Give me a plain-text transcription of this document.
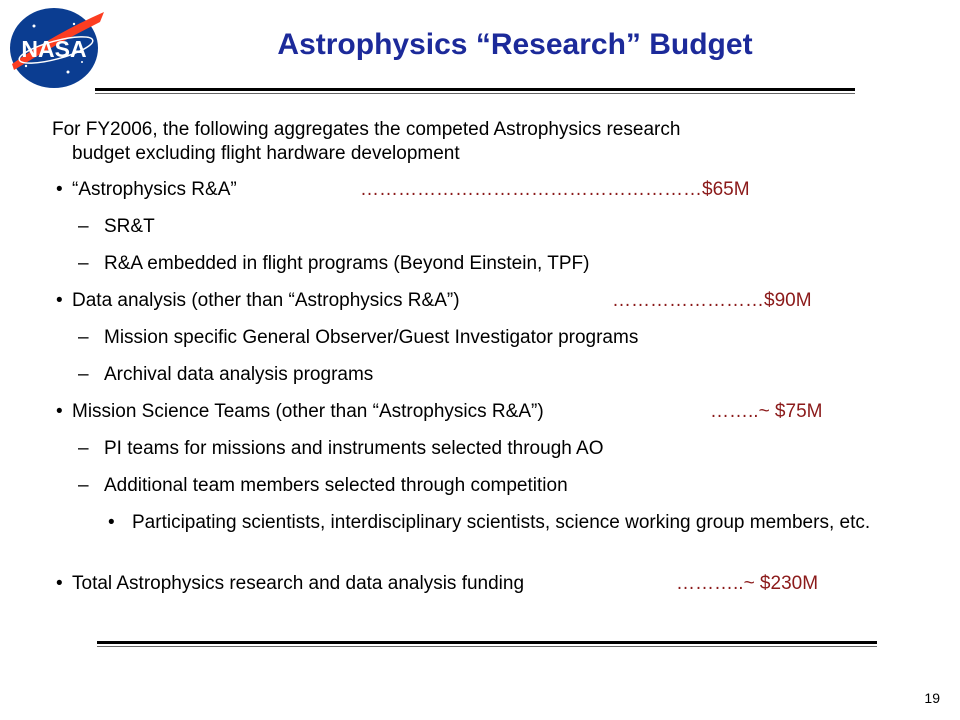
NASA	Astrophysics “Research” Budget
For FY2006, the following aggregates the competed Astrophysics research
budget excluding flight hardware development
• “Astrophysics R&A”	………………………………………………$65M
– SR&T
– R&A embedded in flight programs (Beyond Einstein, TPF)
• Data analysis (other than “Astrophysics R&A”)	……………………$90M
– Mission specific General Observer/Guest Investigator programs
– Archival data analysis programs
• Mission Science Teams (other than “Astrophysics R&A”)	……..~ $75M
– PI teams for missions and instruments selected through AO
– Additional team members selected through competition
• Participating scientists, interdisciplinary scientists, science working group members, etc.
• Total Astrophysics research and data analysis funding	………..~ $230M
19
